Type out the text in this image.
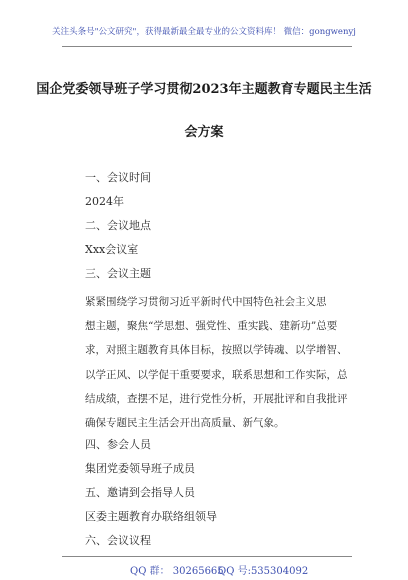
关注头条号"公文研究"，获得最新最全最专业的公文资料库！ 微信：gongwenyj
国企党委领导班子学习贯彻2023年主题教育专题民主生活
会方案
一、会议时间
2024年
二、会议地点
Xxx会议室
三、会议主题
紧紧围绕学习贯彻习近平新时代中国特色社会主义思
想主题，聚焦“学思想、强党性、重实践、建新功”总要
求，对照主题教育具体目标，按照以学铸魂、以学增智、
以学正风、以学促干重要要求，联系思想和工作实际，总
结成绩，查摆不足，进行党性分析，开展批评和自我批评
确保专题民主生活会开出高质量、新气象。
四、参会人员
集团党委领导班子成员
五、邀请到会指导人员
区委主题教育办联络组领导
六、会议议程
QQ 群： 30265665
QQ 号:535304092
